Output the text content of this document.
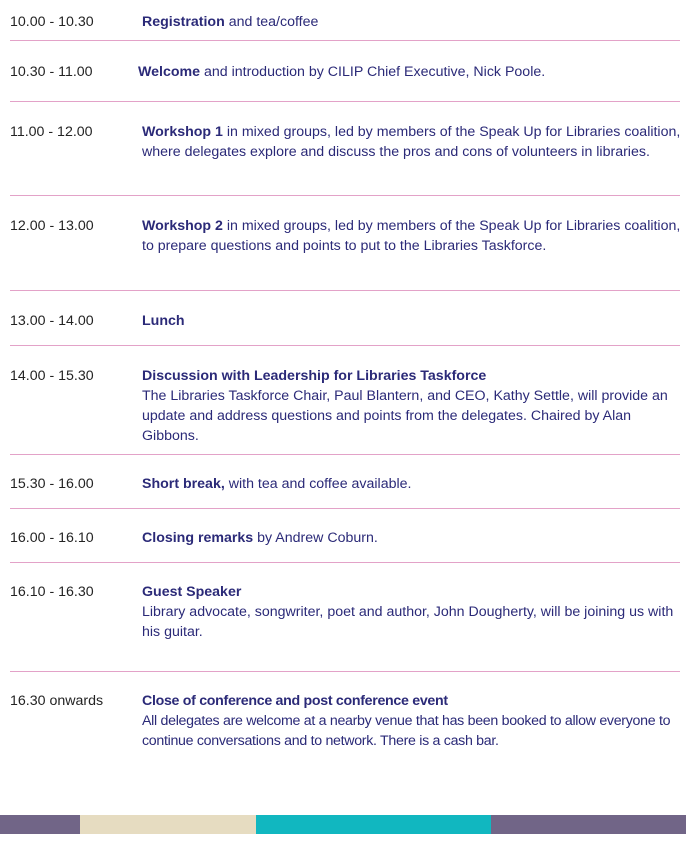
10.00 - 10.30	Registration and tea/coffee
10.30 - 11.00	Welcome and introduction by CILIP Chief Executive, Nick Poole.
11.00 - 12.00	Workshop 1 in mixed groups, led by members of the Speak Up for Libraries coalition, where delegates explore and discuss the pros and cons of volunteers in libraries.
12.00 - 13.00	Workshop 2 in mixed groups, led by members of the Speak Up for Libraries coalition, to prepare questions and points to put to the Libraries Taskforce.
13.00 - 14.00	Lunch
14.00 - 15.30	Discussion with Leadership for Libraries Taskforce
The Libraries Taskforce Chair, Paul Blantern, and CEO, Kathy Settle, will provide an update and address questions and points from the delegates. Chaired by Alan Gibbons.
15.30 - 16.00	Short break, with tea and coffee available.
16.00 - 16.10	Closing remarks by Andrew Coburn.
16.10 - 16.30	Guest Speaker
Library advocate, songwriter, poet and author, John Dougherty, will be joining us with his guitar.
16.30 onwards	Close of conference and post conference event
All delegates are welcome at a nearby venue that has been booked to allow everyone to continue conversations and to network. There is a cash bar.
